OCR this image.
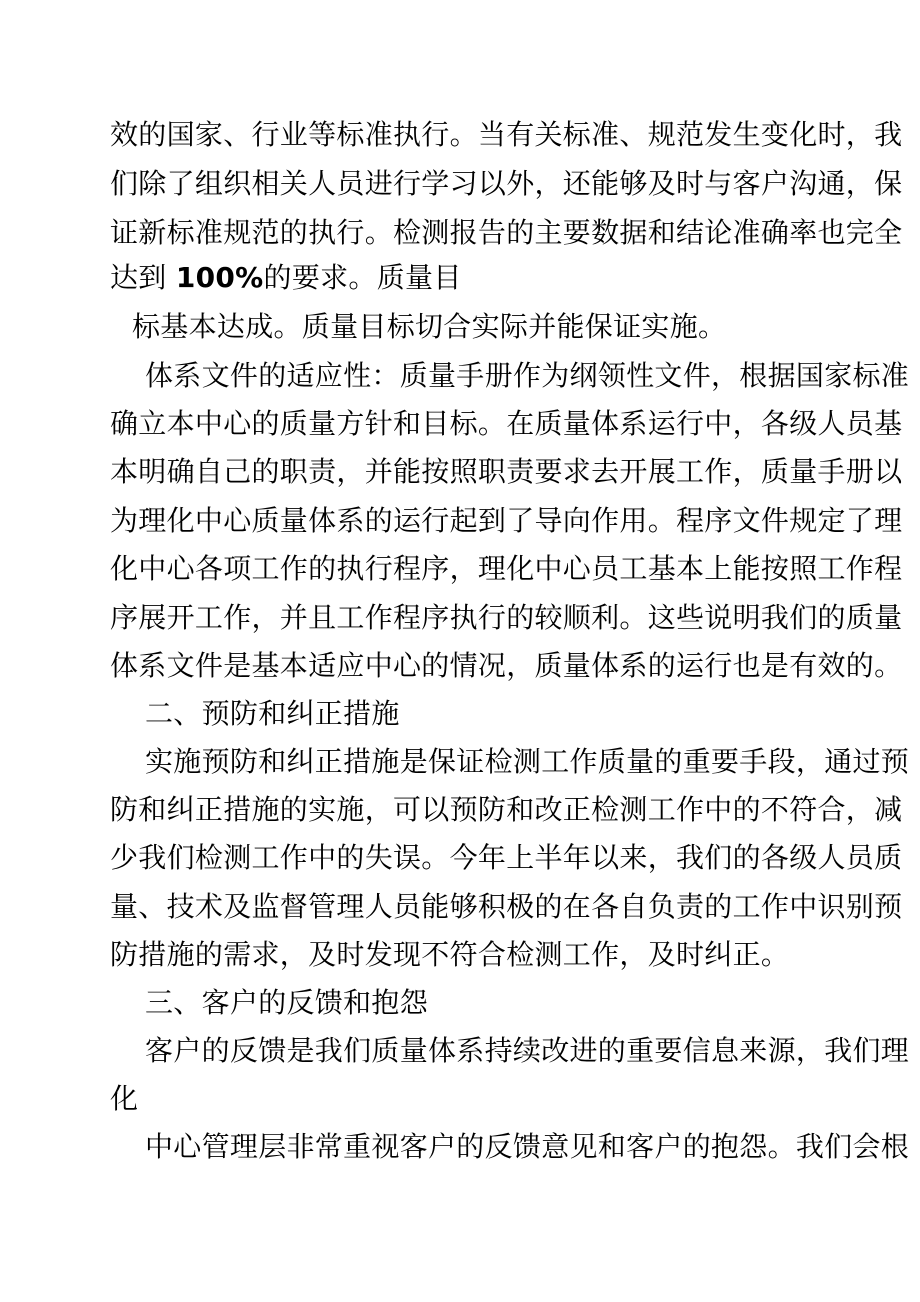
效的国家、行业等标准执行。当有关标准、规范发生变化时，我
们除了组织相关人员进行学习以外，还能够及时与客户沟通，保
证新标准规范的执行。检测报告的主要数据和结论准确率也完全
达到 100%的要求。质量目
标基本达成。质量目标切合实际并能保证实施。
体系文件的适应性：质量手册作为纲领性文件，根据国家标准
确立本中心的质量方针和目标。在质量体系运行中，各级人员基
本明确自己的职责，并能按照职责要求去开展工作，质量手册以
为理化中心质量体系的运行起到了导向作用。程序文件规定了理
化中心各项工作的执行程序，理化中心员工基本上能按照工作程
序展开工作，并且工作程序执行的较顺利。这些说明我们的质量
体系文件是基本适应中心的情况，质量体系的运行也是有效的。
二、预防和纠正措施
实施预防和纠正措施是保证检测工作质量的重要手段，通过预
防和纠正措施的实施，可以预防和改正检测工作中的不符合，减
少我们检测工作中的失误。今年上半年以来，我们的各级人员质
量、技术及监督管理人员能够积极的在各自负责的工作中识别预
防措施的需求，及时发现不符合检测工作，及时纠正。
三、客户的反馈和抱怨
客户的反馈是我们质量体系持续改进的重要信息来源，我们理
化
中心管理层非常重视客户的反馈意见和客户的抱怨。我们会根
